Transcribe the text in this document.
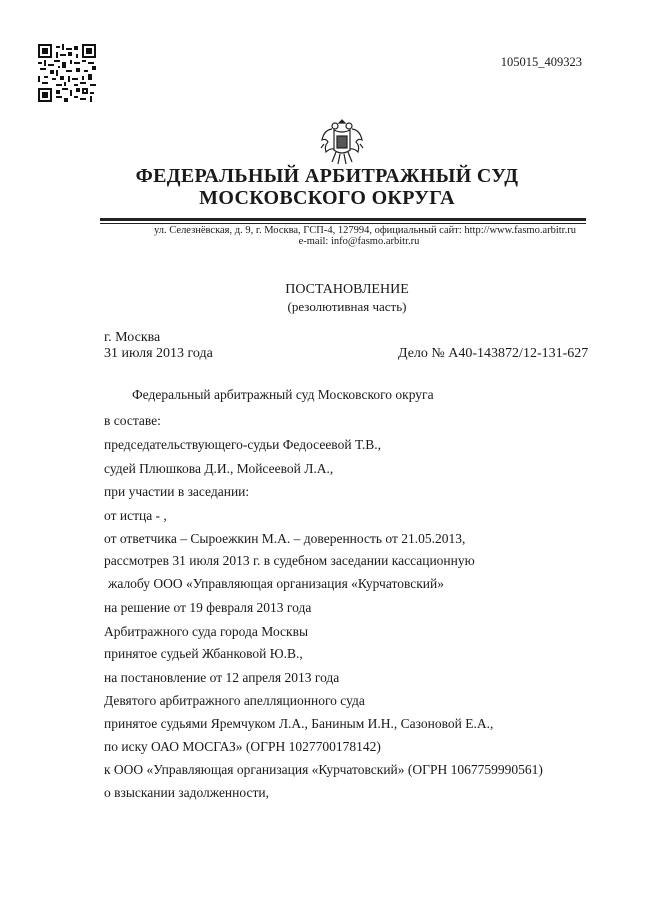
105015_409323
ФЕДЕРАЛЬНЫЙ АРБИТРАЖНЫЙ СУД
МОСКОВСКОГО ОКРУГА
ул. Селезнёвская, д. 9, г. Москва, ГСП-4, 127994, официальный сайт: http://www.fasmo.arbitr.ru
e-mail: info@fasmo.arbitr.ru
ПОСТАНОВЛЕНИЕ
(резолютивная часть)
г. Москва
31 июля 2013 года	Дело № А40-143872/12-131-627
Федеральный арбитражный суд Московского округа
в составе:
председательствующего-судьи Федосеевой Т.В.,
судей Плюшкова Д.И., Мойсеевой Л.А.,
при участии в заседании:
от истца - ,
от ответчика – Сыроежкин М.А. – доверенность от 21.05.2013,
рассмотрев 31 июля 2013 г. в судебном заседании кассационную
жалобу ООО «Управляющая организация «Курчатовский»
на решение от 19 февраля 2013 года
Арбитражного суда города Москвы
принятое судьей Жбанковой Ю.В.,
на постановление от 12 апреля 2013 года
Девятого арбитражного апелляционного суда
принятое судьями Яремчуком Л.А., Баниным И.Н., Сазоновой Е.А.,
по иску ОАО МОСГАЗ» (ОГРН 1027700178142)
к ООО «Управляющая организация «Курчатовский» (ОГРН 1067759990561)
о взыскании задолженности,
